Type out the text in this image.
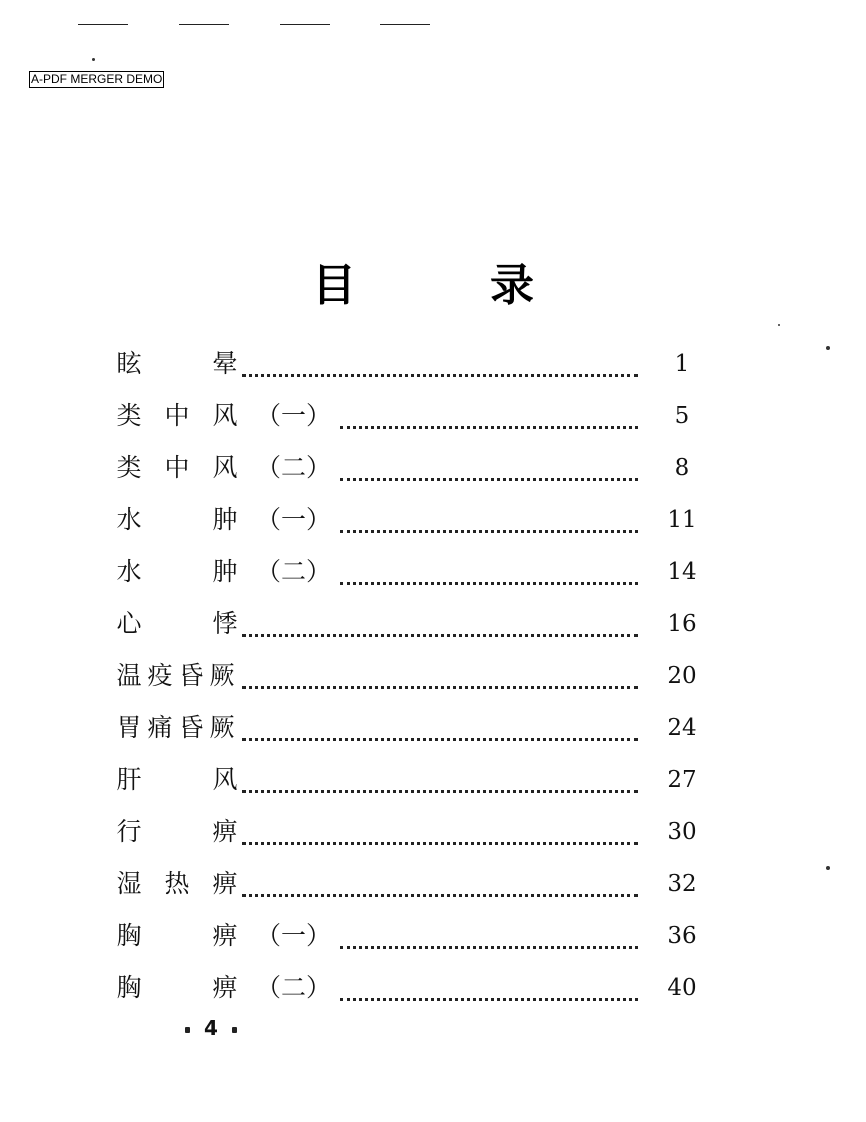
A-PDF MERGER DEMO
目	录
眩	晕	1
类 中 风 （一）	5
类 中 风 （二）	8
水	肿 （一）	11
水	肿 （二）	14
心	悸	16
温 疫 昏 厥	20
胃 痛 昏 厥	24
肝	风	27
行	痹	30
湿 热 痹	32
胸	痹 （一）	36
胸	痹 （二）	40
4
